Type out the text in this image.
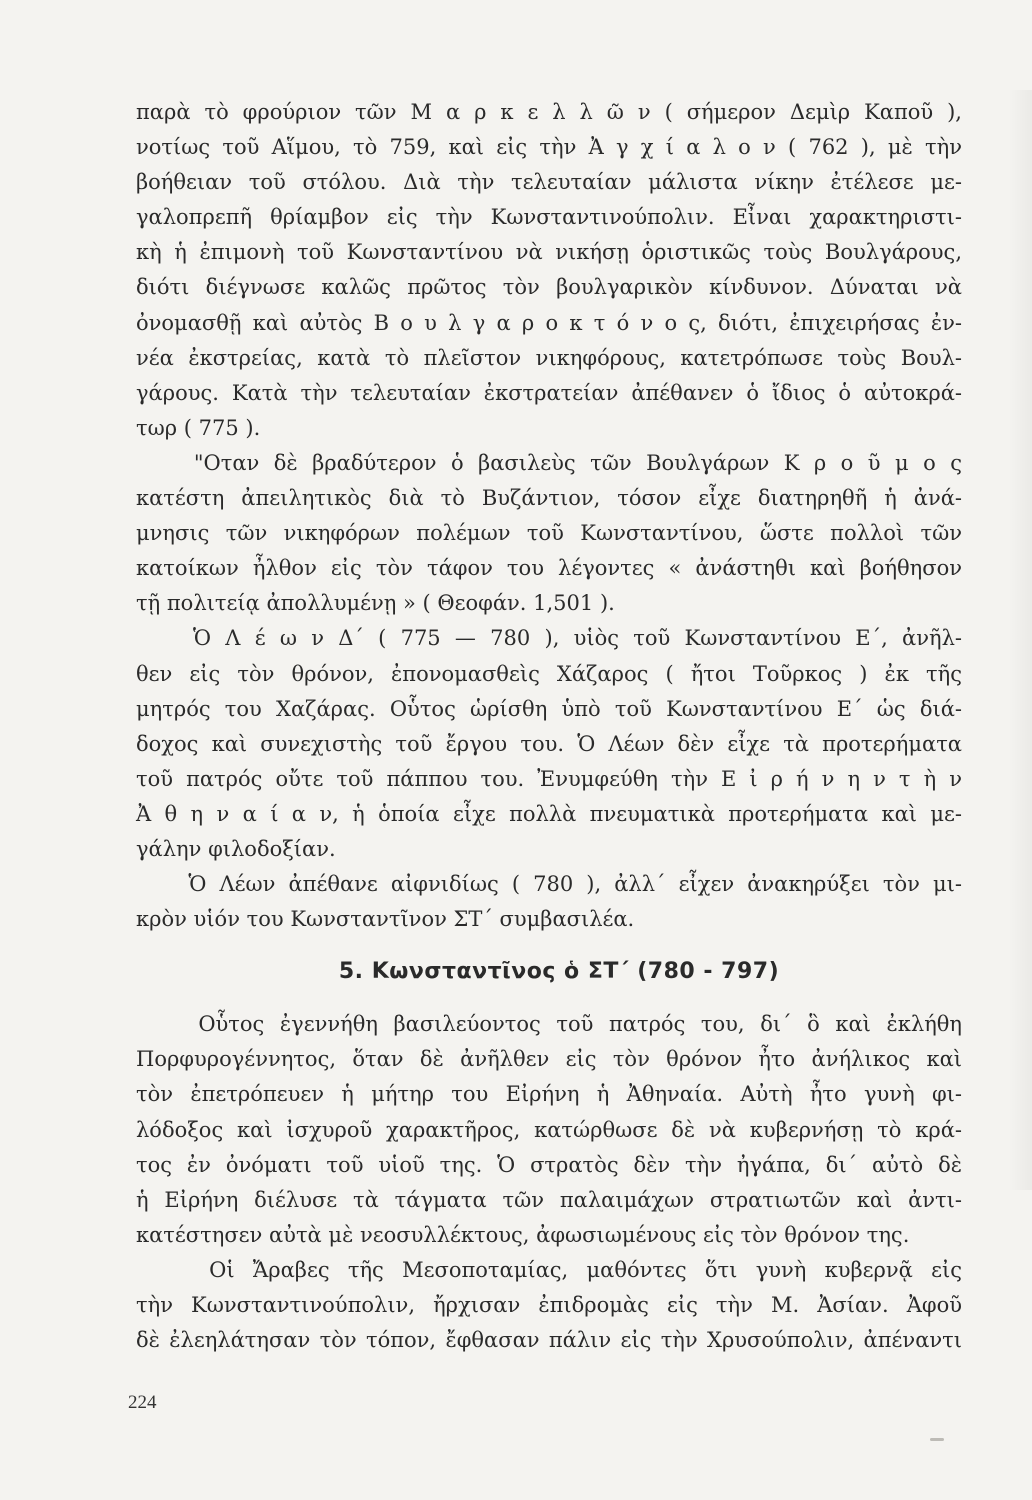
παρὰ τὸ φρούριον τῶν Μ α ρ κ ε λ λ ῶ ν ( σήμερον Δεμὶρ Καποῦ ),
νοτίως τοῦ Αἵμου, τὸ 759, καὶ εἰς τὴν Ἀ γ χ ί α λ ο ν ( 762 ), μὲ τὴν
βοήθειαν τοῦ στόλου. Διὰ τὴν τελευταίαν μάλιστα νίκην ἐτέλεσε με-
γαλοπρεπῆ θρίαμβον εἰς τὴν Κωνσταντινούπολιν. Εἶναι χαρακτηριστι-
κὴ ἡ ἐπιμονὴ τοῦ Κωνσταντίνου νὰ νικήσῃ ὁριστικῶς τοὺς Βουλγάρους,
διότι διέγνωσε καλῶς πρῶτος τὸν βουλγαρικὸν κίνδυνον. Δύναται νὰ
ὀνομασθῇ καὶ αὐτὸς Β ο υ λ γ α ρ ο κ τ ό ν ο ς, διότι, ἐπιχειρήσας ἐν-
νέα ἐκστρείας, κατὰ τὸ πλεῖστον νικηφόρους, κατετρόπωσε τοὺς Βουλ-
γάρους. Κατὰ τὴν τελευταίαν ἐκστρατείαν ἀπέθανεν ὁ ἴδιος ὁ αὐτοκρά-
τωρ ( 775 ).
"Οταν δὲ βραδύτερον ὁ βασιλεὺς τῶν Βουλγάρων Κ ρ ο ῦ μ ο ς
κατέστη ἀπειλητικὸς διὰ τὸ Βυζάντιον, τόσον εἶχε διατηρηθῆ ἡ ἀνά-
μνησις τῶν νικηφόρων πολέμων τοῦ Κωνσταντίνου, ὥστε πολλοὶ τῶν
κατοίκων ἦλθον εἰς τὸν τάφον του λέγοντες « ἀνάστηθι καὶ βοήθησον
τῇ πολιτείᾳ ἀπολλυμένῃ » ( Θεοφάν. 1,501 ).
Ὁ Λ έ ω ν Δ΄ ( 775 — 780 ), υἱὸς τοῦ Κωνσταντίνου Ε΄, ἀνῆλ-
θεν εἰς τὸν θρόνον, ἐπονομασθεὶς Χάζαρος ( ἤτοι Τοῦρκος ) ἐκ τῆς
μητρός του Χαζάρας. Οὗτος ὡρίσθη ὑπὸ τοῦ Κωνσταντίνου Ε΄ ὡς διά-
δοχος καὶ συνεχιστὴς τοῦ ἔργου του. Ὁ Λέων δὲν εἶχε τὰ προτερήματα
τοῦ πατρός οὔτε τοῦ πάππου του. Ἐνυμφεύθη τὴν Ε ἰ ρ ή ν η ν τ ὴ ν
Ἀ θ η ν α ί α ν, ἡ ὁποία εἶχε πολλὰ πνευματικὰ προτερήματα καὶ με-
γάλην φιλοδοξίαν.
Ὁ Λέων ἀπέθανε αἰφνιδίως ( 780 ), ἀλλ΄ εἶχεν ἀνακηρύξει τὸν μι-
κρὸν υἱόν του Κωνσταντῖνον ΣΤ΄ συμβασιλέα.
5. Κωνσταντῖνος ὁ ΣΤ΄ (780 - 797)
Οὗτος ἐγεννήθη βασιλεύοντος τοῦ πατρός του, δι΄ ὃ καὶ ἐκλήθη
Πορφυρογέννητος, ὅταν δὲ ἀνῆλθεν εἰς τὸν θρόνον ἦτο ἀνήλικος καὶ
τὸν ἐπετρόπευεν ἡ μήτηρ του Εἰρήνη ἡ Ἀθηναία. Αὐτὴ ἦτο γυνὴ φι-
λόδοξος καὶ ἰσχυροῦ χαρακτῆρος, κατώρθωσε δὲ νὰ κυβερνήσῃ τὸ κρά-
τος ἐν ὀνόματι τοῦ υἱοῦ της. Ὁ στρατὸς δὲν τὴν ἠγάπα, δι΄ αὐτὸ δὲ
ἡ Εἰρήνη διέλυσε τὰ τάγματα τῶν παλαιμάχων στρατιωτῶν καὶ ἀντι-
κατέστησεν αὐτὰ μὲ νεοσυλλέκτους, ἀφωσιωμένους εἰς τὸν θρόνον της.
Οἱ Ἄραβες τῆς Μεσοποταμίας, μαθόντες ὅτι γυνὴ κυβερνᾷ εἰς
τὴν Κωνσταντινούπολιν, ἤρχισαν ἐπιδρομὰς εἰς τὴν Μ. Ἀσίαν. Ἀφοῦ
δὲ ἐλεηλάτησαν τὸν τόπον, ἔφθασαν πάλιν εἰς τὴν Χρυσούπολιν, ἀπέναντι
224
